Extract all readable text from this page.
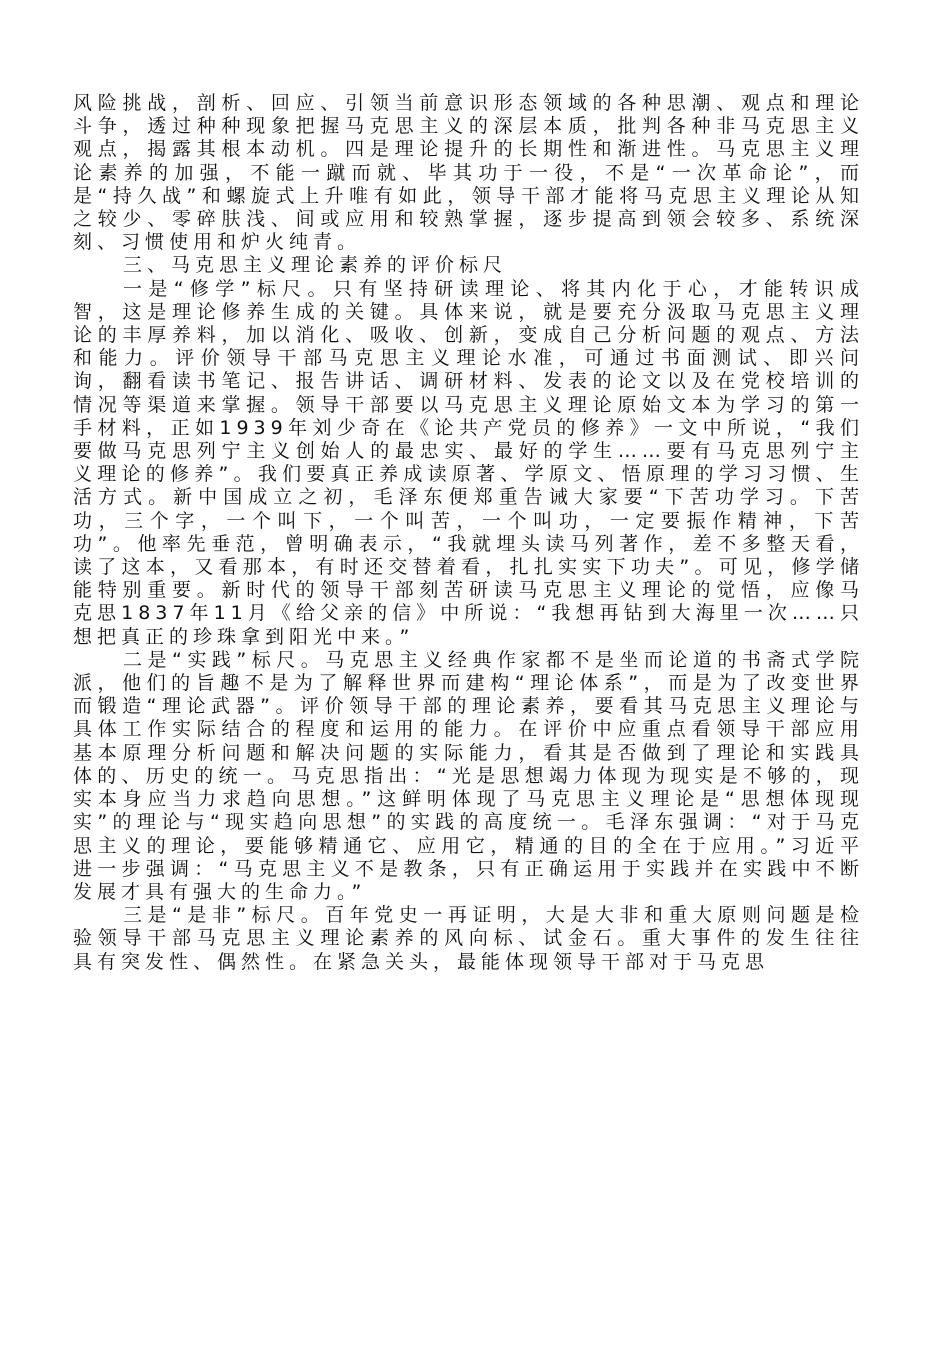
风险挑战，剖析、回应、引领当前意识形态领域的各种思潮、观点和理论斗争，透过种种现象把握马克思主义的深层本质，批判各种非马克思主义观点，揭露其根本动机。四是理论提升的长期性和渐进性。马克思主义理论素养的加强，不能一蹴而就、毕其功于一役，不是“一次革命论”，而是“持久战”和螺旋式上升唯有如此，领导干部才能将马克思主义理论从知之较少、零碎肤浅、间或应用和较熟掌握，逐步提高到领会较多、系统深刻、习惯使用和炉火纯青。

三、马克思主义理论素养的评价标尺

一是“修学”标尺。只有坚持研读理论、将其内化于心，才能转识成智，这是理论修养生成的关键。具体来说，就是要充分汲取马克思主义理论的丰厚养料，加以消化、吸收、创新，变成自己分析问题的观点、方法和能力。评价领导干部马克思主义理论水准，可通过书面测试、即兴问询，翻看读书笔记、报告讲话、调研材料、发表的论文以及在党校培训的情况等渠道来掌握。领导干部要以马克思主义理论原始文本为学习的第一手材料，正如1939年刘少奇在《论共产党员的修养》一文中所说，“我们要做马克思列宁主义创始人的最忠实、最好的学生……要有马克思列宁主义理论的修养”。我们要真正养成读原著、学原文、悟原理的学习习惯、生活方式。新中国成立之初，毛泽东便郑重告诫大家要“下苦功学习。下苦功，三个字，一个叫下，一个叫苦，一个叫功，一定要振作精神，下苦功”。他率先垂范，曾明确表示，“我就埋头读马列著作，差不多整天看，读了这本，又看那本，有时还交替着看，扎扎实实下功夫”。可见，修学储能特别重要。新时代的领导干部刻苦研读马克思主义理论的觉悟，应像马克思1837年11月《给父亲的信》中所说：“我想再钻到大海里一次……只想把真正的珍珠拿到阳光中来。”

二是“实践”标尺。马克思主义经典作家都不是坐而论道的书斋式学院派，他们的旨趣不是为了解释世界而建构“理论体系”，而是为了改变世界而锻造“理论武器”。评价领导干部的理论素养，要看其马克思主义理论与具体工作实际结合的程度和运用的能力。在评价中应重点看领导干部应用基本原理分析问题和解决问题的实际能力，看其是否做到了理论和实践具体的、历史的统一。马克思指出：“光是思想竭力体现为现实是不够的，现实本身应当力求趋向思想。”这鲜明体现了马克思主义理论是“思想体现现实”的理论与“现实趋向思想”的实践的高度统一。毛泽东强调：“对于马克思主义的理论，要能够精通它、应用它，精通的目的全在于应用。”习近平进一步强调：“马克思主义不是教条，只有正确运用于实践并在实践中不断发展才具有强大的生命力。”

三是“是非”标尺。百年党史一再证明，大是大非和重大原则问题是检验领导干部马克思主义理论素养的风向标、试金石。重大事件的发生往往具有突发性、偶然性。在紧急关头，最能体现领导干部对于马克思
